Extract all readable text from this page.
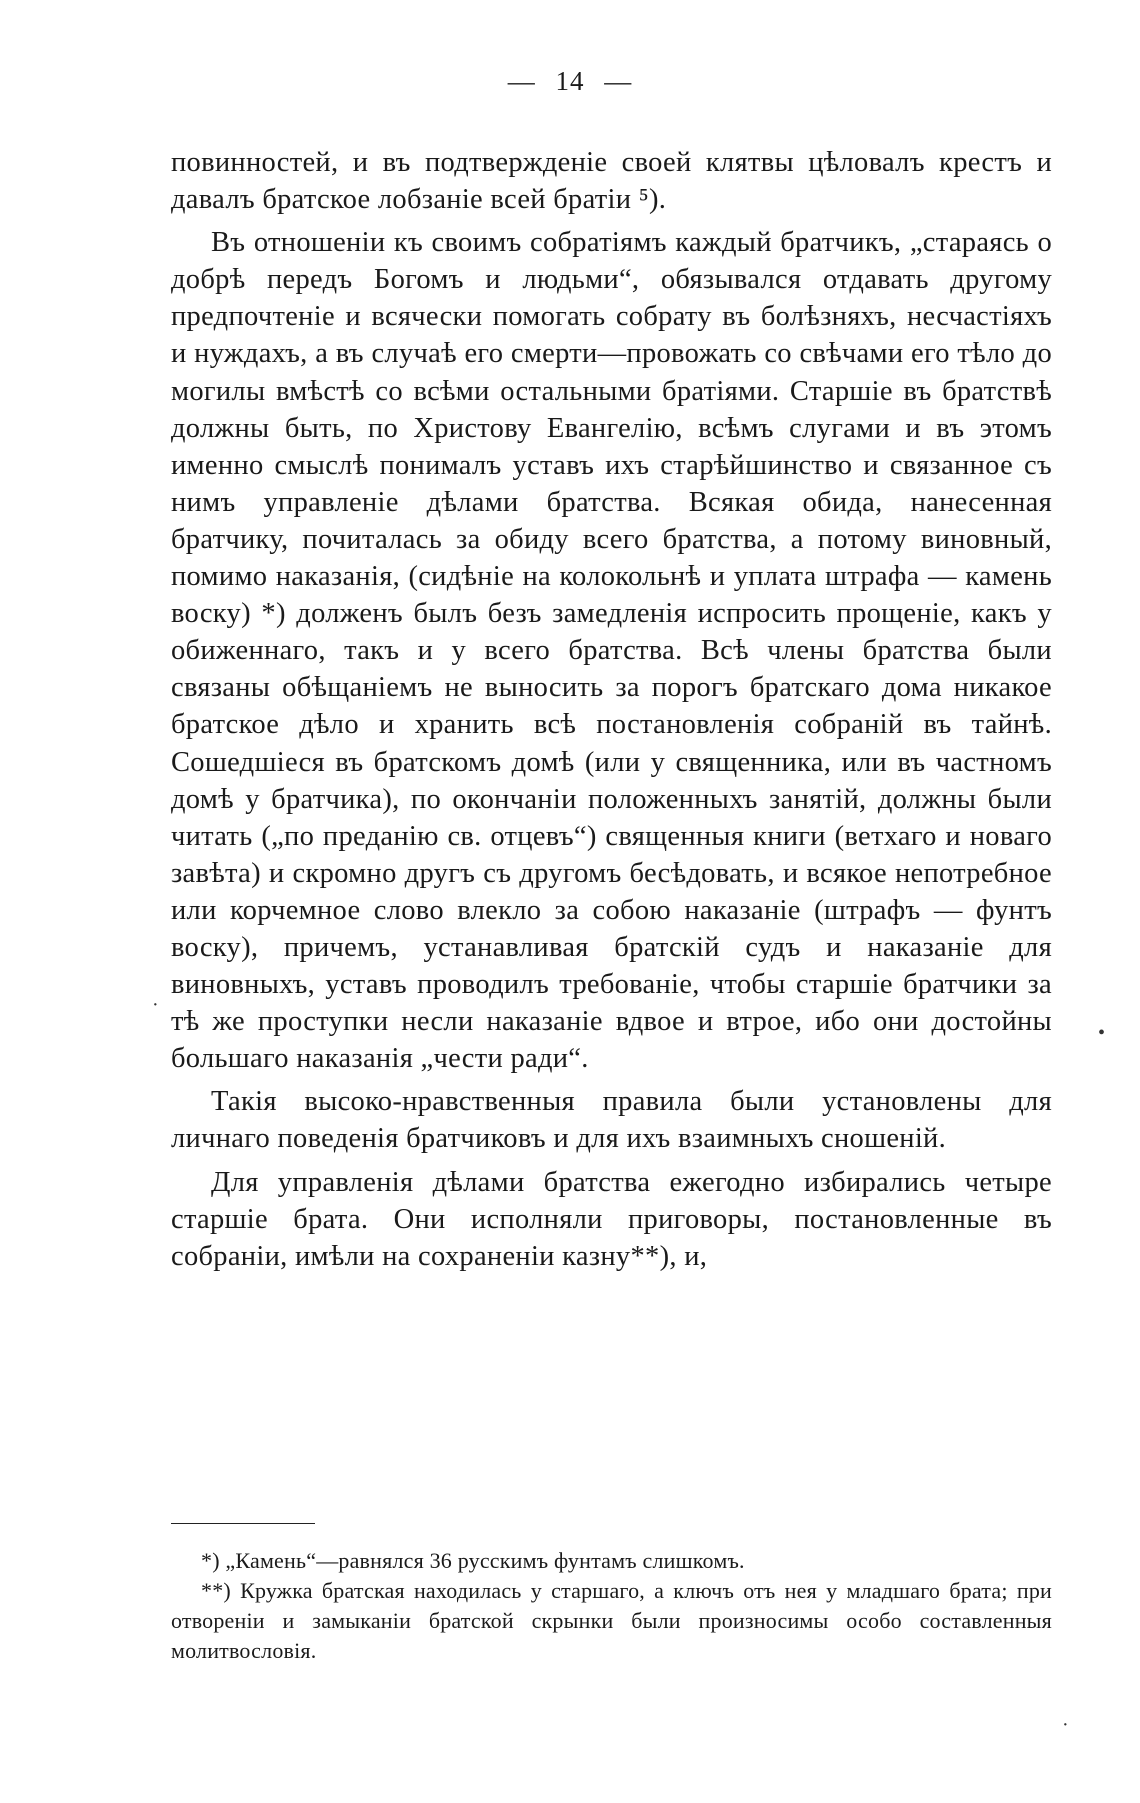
— 14 —

повинностей, и въ подтвержденіе своей клятвы цѣловалъ крестъ и давалъ братское лобзаніе всей братіи ⁵).

Въ отношеніи къ своимъ собратіямъ каждый братчикъ, „стараясь о добрѣ передъ Богомъ и людьми“, обязывался отдавать другому предпочтеніе и всячески помогать собрату въ болѣзняхъ, несчастіяхъ и нуждахъ, а въ случаѣ его смерти—провожать со свѣчами его тѣло до могилы вмѣстѣ со всѣми остальными братіями. Старшіе въ братствѣ должны быть, по Христову Евангелію, всѣмъ слугами и въ этомъ именно смыслѣ понималъ уставъ ихъ старѣйшинство и связанное съ нимъ управленіе дѣлами братства. Всякая обида, нанесенная братчику, почиталась за обиду всего братства, а потому виновный, помимо наказанія, (сидѣніе на колокольнѣ и уплата штрафа — камень воску) *) долженъ былъ безъ замедленія испросить прощеніе, какъ у обиженнаго, такъ и у всего братства. Всѣ члены братства были связаны обѣщаніемъ не выносить за порогъ братскаго дома никакое братское дѣло и хранить всѣ постановленія собраній въ тайнѣ. Сошедшіеся въ братскомъ домѣ (или у священника, или въ частномъ домѣ у братчика), по окончаніи положенныхъ занятій, должны были читать („по преданію св. отцевъ“) священныя книги (ветхаго и новаго завѣта) и скромно другъ съ другомъ бесѣдовать, и всякое непотребное или корчемное слово влекло за собою наказаніе (штрафъ — фунтъ воску), причемъ, устанавливая братскій судъ и наказаніе для виновныхъ, уставъ проводилъ требованіе, чтобы старшіе братчики за тѣ же проступки несли наказаніе вдвое и втрое, ибо они достойны большаго наказанія „чести ради“.

Такія высоко-нравственныя правила были установлены для личнаго поведенія братчиковъ и для ихъ взаимныхъ сношеній.

Для управленія дѣлами братства ежегодно избирались четыре старшіе брата. Они исполняли приговоры, постановленные въ собраніи, имѣли на сохраненіи казну**), и,

*) „Камень“—равнялся 36 русскимъ фунтамъ слишкомъ.

**) Кружка братская находилась у старшаго, а ключъ отъ нея у младшаго брата; при отвореніи и замыканіи братской скрынки были произносимы особо составленныя молитвословія.

•
·
·
